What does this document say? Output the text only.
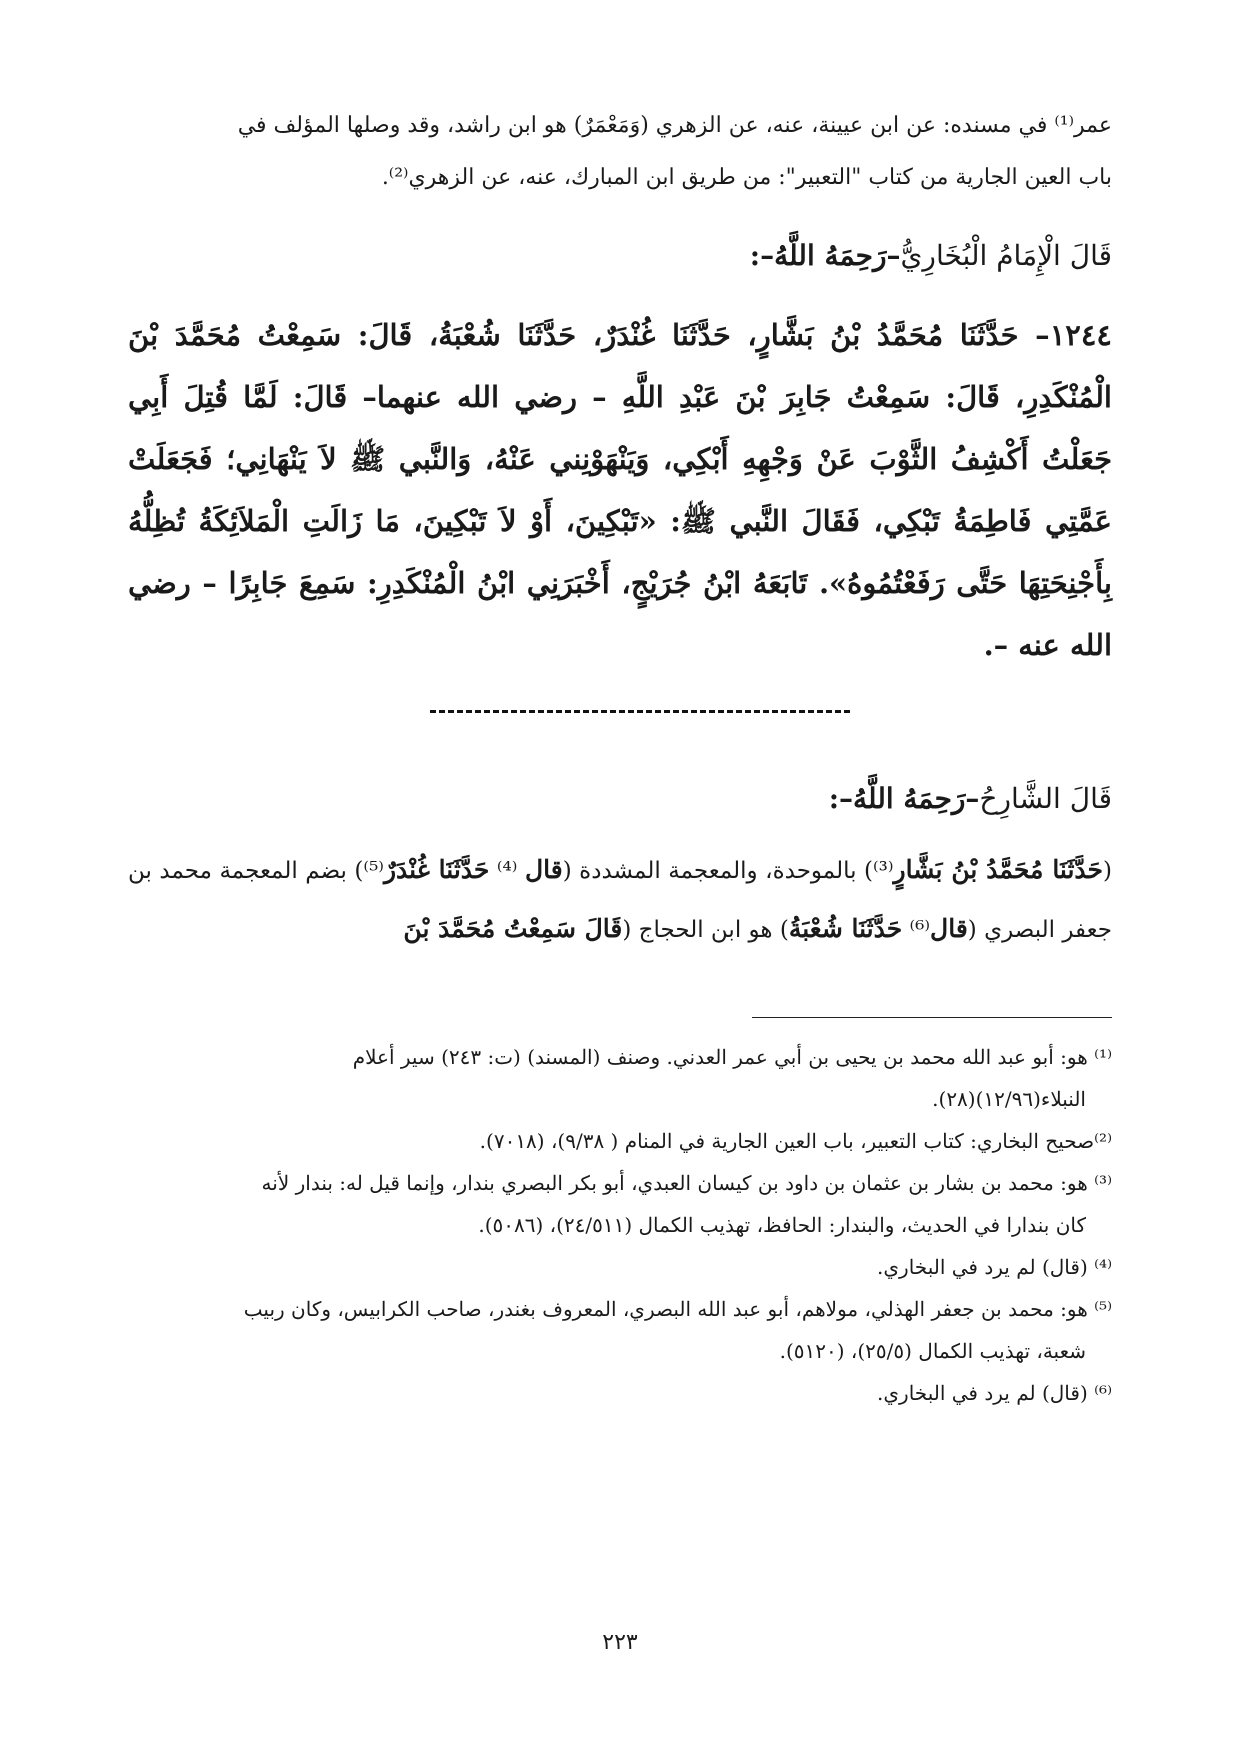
عمر⁽¹⁾ في مسنده: عن ابن عيينة، عنه، عن الزهري (وَمَعْمَرٌ) هو ابن راشد، وقد وصلها المؤلف في
باب العين الجارية من كتاب "التعبير": من طريق ابن المبارك، عنه، عن الزهري⁽²⁾.

قَالَ الْإِمَامُ الْبُخَارِيُّ–رَحِمَهُ اللَّهُ–:

١٢٤٤– حَدَّثَنَا مُحَمَّدُ بْنُ بَشَّارٍ، حَدَّثَنَا غُنْدَرٌ، حَدَّثَنَا شُعْبَةُ، قَالَ: سَمِعْتُ مُحَمَّدَ بْنَ الْمُنْكَدِرِ، قَالَ: سَمِعْتُ جَابِرَ بْنَ عَبْدِ اللَّهِ – رضي الله عنهما– قَالَ: لَمَّا قُتِلَ أَبِي جَعَلْتُ أَكْشِفُ الثَّوْبَ عَنْ وَجْهِهِ أَبْكِي، وَيَنْهَوْنِني عَنْهُ، وَالنَّبي ﷺ لاَ يَنْهَانِي؛ فَجَعَلَتْ عَمَّتِي فَاطِمَةُ تَبْكِي، فَقَالَ النَّبي ﷺ: «تَبْكِينَ، أَوْ لاَ تَبْكِينَ، مَا زَالَتِ الْمَلاَئِكَةُ تُظِلُّهُ بِأَجْنِحَتِهَا حَتَّى رَفَعْتُمُوهُ». تَابَعَهُ ابْنُ جُرَيْجٍ، أَخْبَرَنِي ابْنُ الْمُنْكَدِرِ: سَمِعَ جَابِرًا – رضي الله عنه –.

قَالَ الشَّارِحُ–رَحِمَهُ اللَّهُ–:

(حَدَّثَنَا مُحَمَّدُ بْنُ بَشَّارٍ⁽³⁾) بالموحدة، والمعجمة المشددة (قال ⁽⁴⁾ حَدَّثَنَا غُنْدَرٌ⁽⁵⁾) بضم المعجمة محمد بن جعفر البصري (قال⁽⁶⁾ حَدَّثَنَا شُعْبَةُ) هو ابن الحجاج (قَالَ سَمِعْتُ مُحَمَّدَ بْنَ

⁽¹⁾ هو: أبو عبد الله محمد بن يحيى بن أبي عمر العدني. وصنف (المسند) (ت: ٢٤٣) سير أعلام
النبلاء(١٢/٩٦)(٢٨).
⁽²⁾صحيح البخاري: كتاب التعبير، باب العين الجارية في المنام ( ٩/٣٨)، (٧٠١٨).
⁽³⁾ هو: محمد بن بشار بن عثمان بن داود بن كيسان العبدي، أبو بكر البصري بندار، وإنما قيل له: بندار لأنه
كان بندارا في الحديث، والبندار: الحافظ، تهذيب الكمال (٢٤/٥١١)، (٥٠٨٦).
⁽⁴⁾ (قال) لم يرد في البخاري.
⁽⁵⁾ هو: محمد بن جعفر الهذلي، مولاهم، أبو عبد الله البصري، المعروف بغندر، صاحب الكرابيس، وكان ربيب
شعبة، تهذيب الكمال (٢٥/٥)، (٥١٢٠).
⁽⁶⁾ (قال) لم يرد في البخاري.
٢٢٣
